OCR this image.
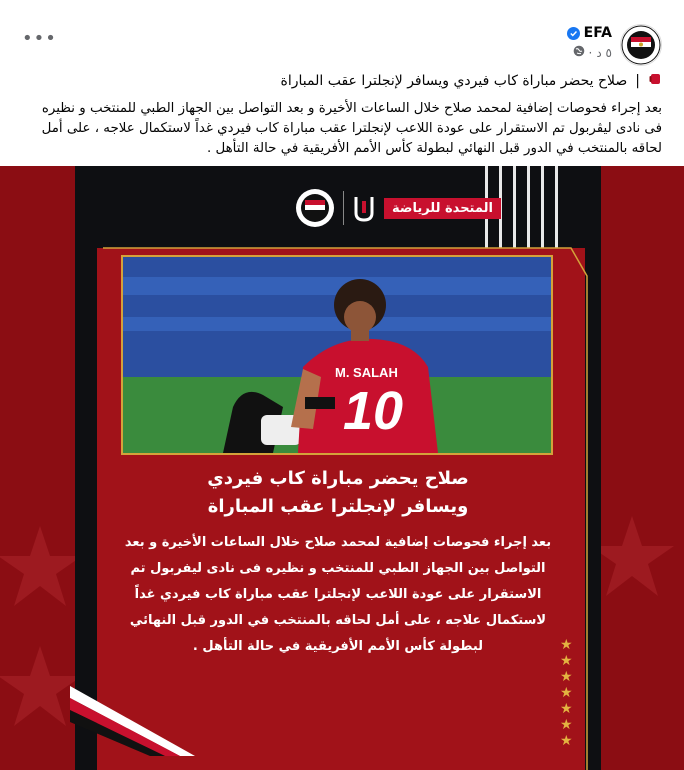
•••	EFA
٥ د
·
|
صلاح يحضر مباراة كاب فيردي ويسافر لإنجلترا عقب المباراة
بعد إجراء فحوصات إضافية لمحمد صلاح خلال الساعات الأخيرة و بعد التواصل بين الجهاز الطبي للمنتخب و نظيره فى نادى ليڤربول تم الاستقرار على عودة اللاعب لإنجلترا عقب مباراة كاب فيردي غداً لاستكمال علاجه ، على أمل لحاقه بالمنتخب في الدور قبل النهائي لبطولة كأس الأمم الأفريقية في حالة التأهل .
المتحدة للرياضة
M. SALAH
10
صلاح يحضر مباراة كاب فيردي
ويسافر لإنجلترا عقب المباراة
بعد إجراء فحوصات إضافية لمحمد صلاح خلال الساعات الأخيرة و بعد
التواصل بين الجهاز الطبي للمنتخب و نظيره فى نادى ليفربول تم
الاستقرار على عودة اللاعب لإنجلترا عقب مباراة كاب فيردي غداً
لاستكمال علاجه ، على أمل لحاقه بالمنتخب في الدور قبل النهائي
لبطولة كأس الأمم الأفريقية في حالة التأهل .	★
★
★
★
★
★
★
